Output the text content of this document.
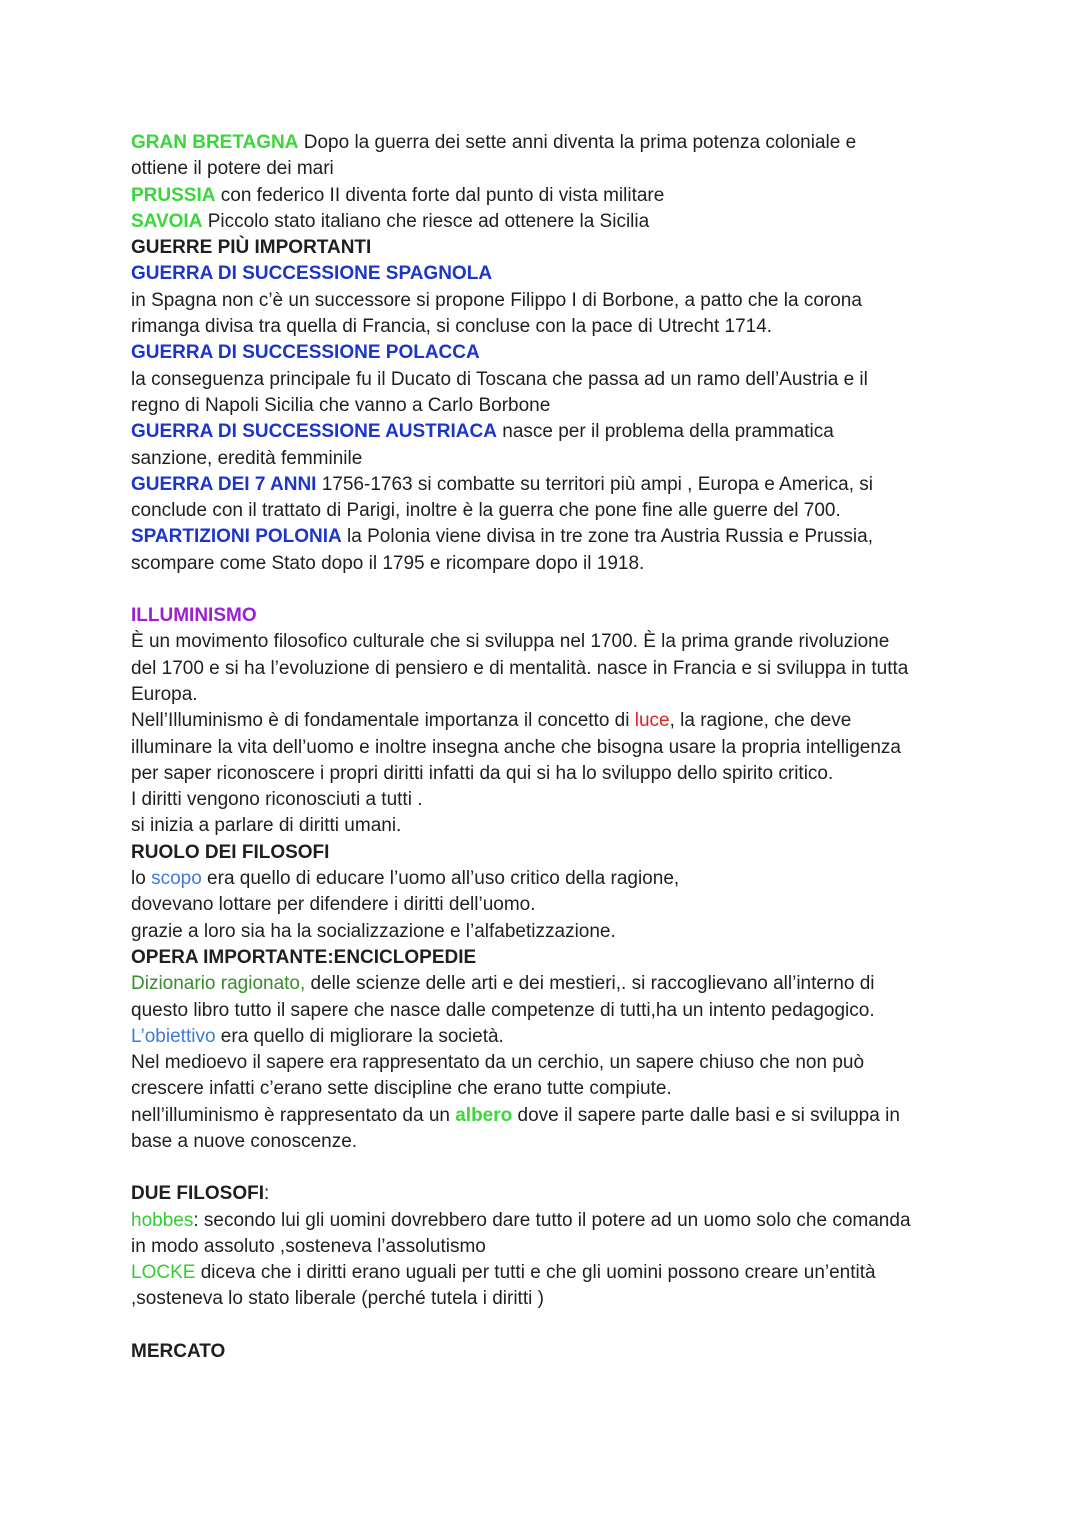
GRAN BRETAGNA Dopo la guerra dei sette anni diventa la prima potenza coloniale e
ottiene il potere dei mari
PRUSSIA con federico II diventa forte dal punto di vista militare
SAVOIA Piccolo stato italiano che riesce ad ottenere la Sicilia
GUERRE PIÙ IMPORTANTI
GUERRA DI SUCCESSIONE SPAGNOLA
in Spagna non c’è un successore si propone Filippo I di Borbone, a patto che la corona
rimanga divisa tra quella di Francia, si concluse con la pace di Utrecht 1714.
GUERRA DI SUCCESSIONE POLACCA
la conseguenza principale fu il Ducato di Toscana che passa ad un ramo dell’Austria e il
regno di Napoli Sicilia che vanno a Carlo Borbone
GUERRA DI SUCCESSIONE AUSTRIACA nasce per il problema della prammatica
sanzione, eredità femminile
GUERRA DEI 7 ANNI 1756-1763 si combatte su territori più ampi , Europa e America, si
conclude con il trattato di Parigi, inoltre è la guerra che pone fine alle guerre del 700.
SPARTIZIONI POLONIA la Polonia viene divisa in tre zone tra Austria Russia e Prussia,
scompare come Stato dopo il 1795 e ricompare dopo il 1918.
ILLUMINISMO
È un movimento filosofico culturale che si sviluppa nel 1700. È la prima grande rivoluzione
del 1700 e si ha l’evoluzione di pensiero e di mentalità. nasce in Francia e si sviluppa in tutta
Europa.
Nell’Illuminismo è di fondamentale importanza il concetto di luce, la ragione, che deve
illuminare la vita dell’uomo e inoltre insegna anche che bisogna usare la propria intelligenza
per saper riconoscere i propri diritti infatti da qui si ha lo sviluppo dello spirito critico.
I diritti vengono riconosciuti a tutti .
si inizia a parlare di diritti umani.
RUOLO DEI FILOSOFI
lo scopo era quello di educare l’uomo all’uso critico della ragione,
dovevano lottare per difendere i diritti dell’uomo.
grazie a loro sia ha la socializzazione e l’alfabetizzazione.
OPERA IMPORTANTE:ENCICLOPEDIE
Dizionario ragionato, delle scienze delle arti e dei mestieri,. si raccoglievano all’interno di
questo libro tutto il sapere che nasce dalle competenze di tutti,ha un intento pedagogico.
L’obiettivo era quello di migliorare la società.
Nel medioevo il sapere era rappresentato da un cerchio, un sapere chiuso che non può
crescere infatti c’erano sette discipline che erano tutte compiute.
nell’illuminismo è rappresentato da un albero dove il sapere parte dalle basi e si sviluppa in
base a nuove conoscenze.
DUE FILOSOFI:
hobbes: secondo lui gli uomini dovrebbero dare tutto il potere ad un uomo solo che comanda
in modo assoluto ,sosteneva l’assolutismo
LOCKE diceva che i diritti erano uguali per tutti e che gli uomini possono creare un’entità
,sosteneva lo stato liberale (perché tutela i diritti )
MERCATO
